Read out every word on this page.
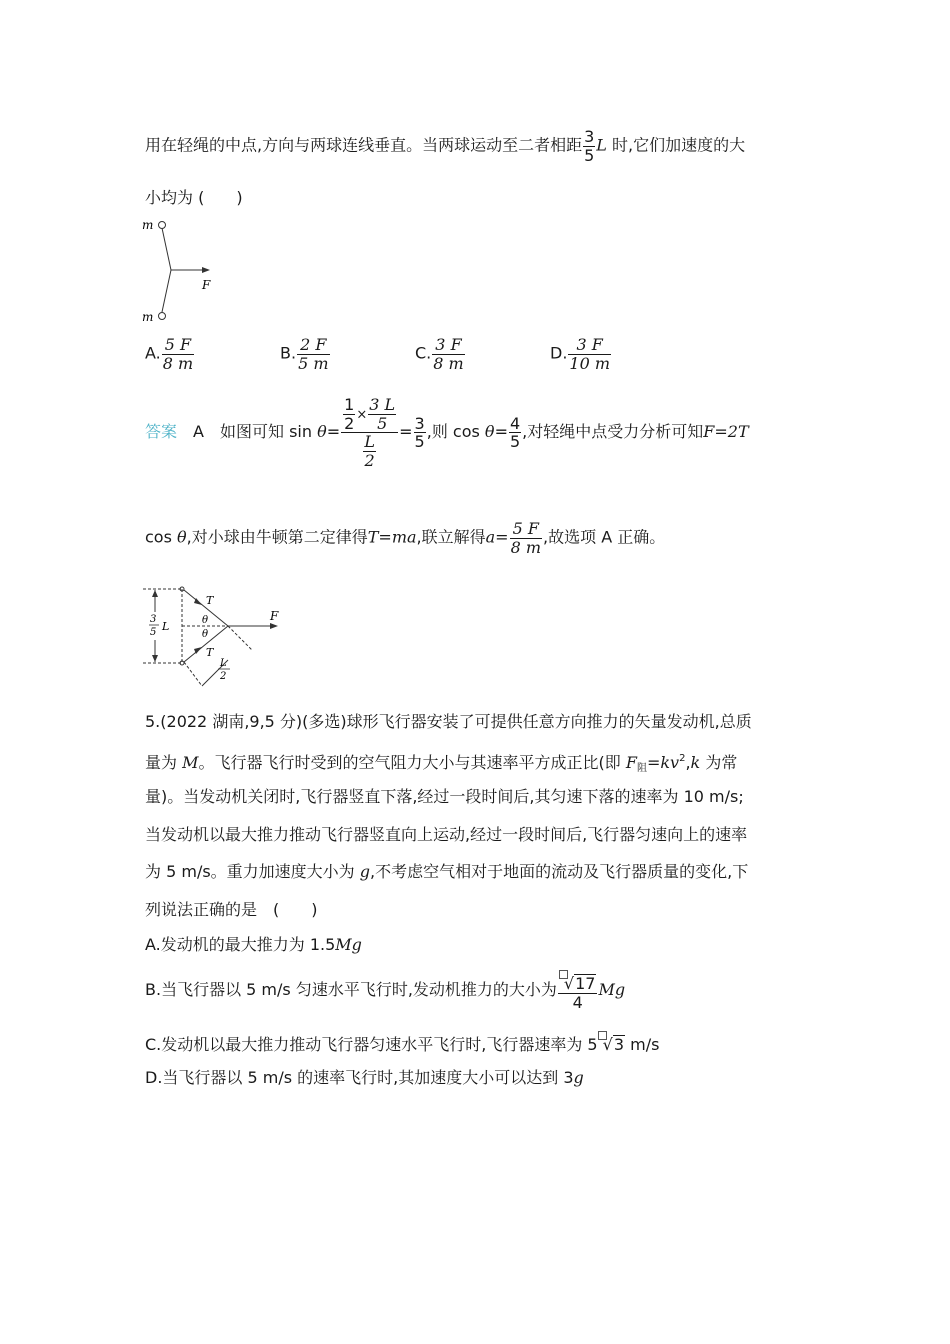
用在轻绳的中点,方向与两球连线垂直。当两球运动至二者相距 $\frac{3}{5}$ L 时,它们加速度的大
小均为 (　　)
m
F
m
A. $\frac{5 F}{8 m}$	B. $\frac{2 F}{5 m}$	C. $\frac{3 F}{8 m}$	D. $\frac{3 F}{10 m}$
答案　 A　 如图可知 $\sin \theta= \frac{\frac{1}{2} \times \frac{3 L}{5}}{\frac{L}{2}} = \frac{3}{5}$ ,则 $\cos \theta= \frac{4}{5}$ ,对轻绳中点受力分析可知F=2T
cos θ,对小球由牛顿第二定律得T=ma,联立解得$a= \frac{5 F}{8 m}$ ,故选项 A 正确。
3
5 L
F
T
T
θ
θ
L
2
5.(2022 湖南,9,5 分)(多选)球形飞行器安装了可提供任意方向推力的矢量发动机,总质
量为 M。飞行器飞行时受到的空气阻力大小与其速率平方成正比(即 $F_阻=kv^2,k$ 为常
量)。当发动机关闭时,飞行器竖直下落,经过一段时间后,其匀速下落的速率为 10 m/s;
当发动机以最大推力推动飞行器竖直向上运动,经过一段时间后,飞行器匀速向上的速率
为 5 m/s。重力加速度大小为 g,不考虑空气相对于地面的流动及飞行器质量的变化,下
列说法正确的是　(　　)
A.发动机的最大推力为 1.5Mg
B.当飞行器以 5 m/s 匀速水平飞行时,发动机推力的大小为 $\frac{√17}{4}$ Mg
C.发动机以最大推力推动飞行器匀速水平飞行时,飞行器速率为 5 √3 m/s
D.当飞行器以 5 m/s 的速率飞行时,其加速度大小可以达到 3g
